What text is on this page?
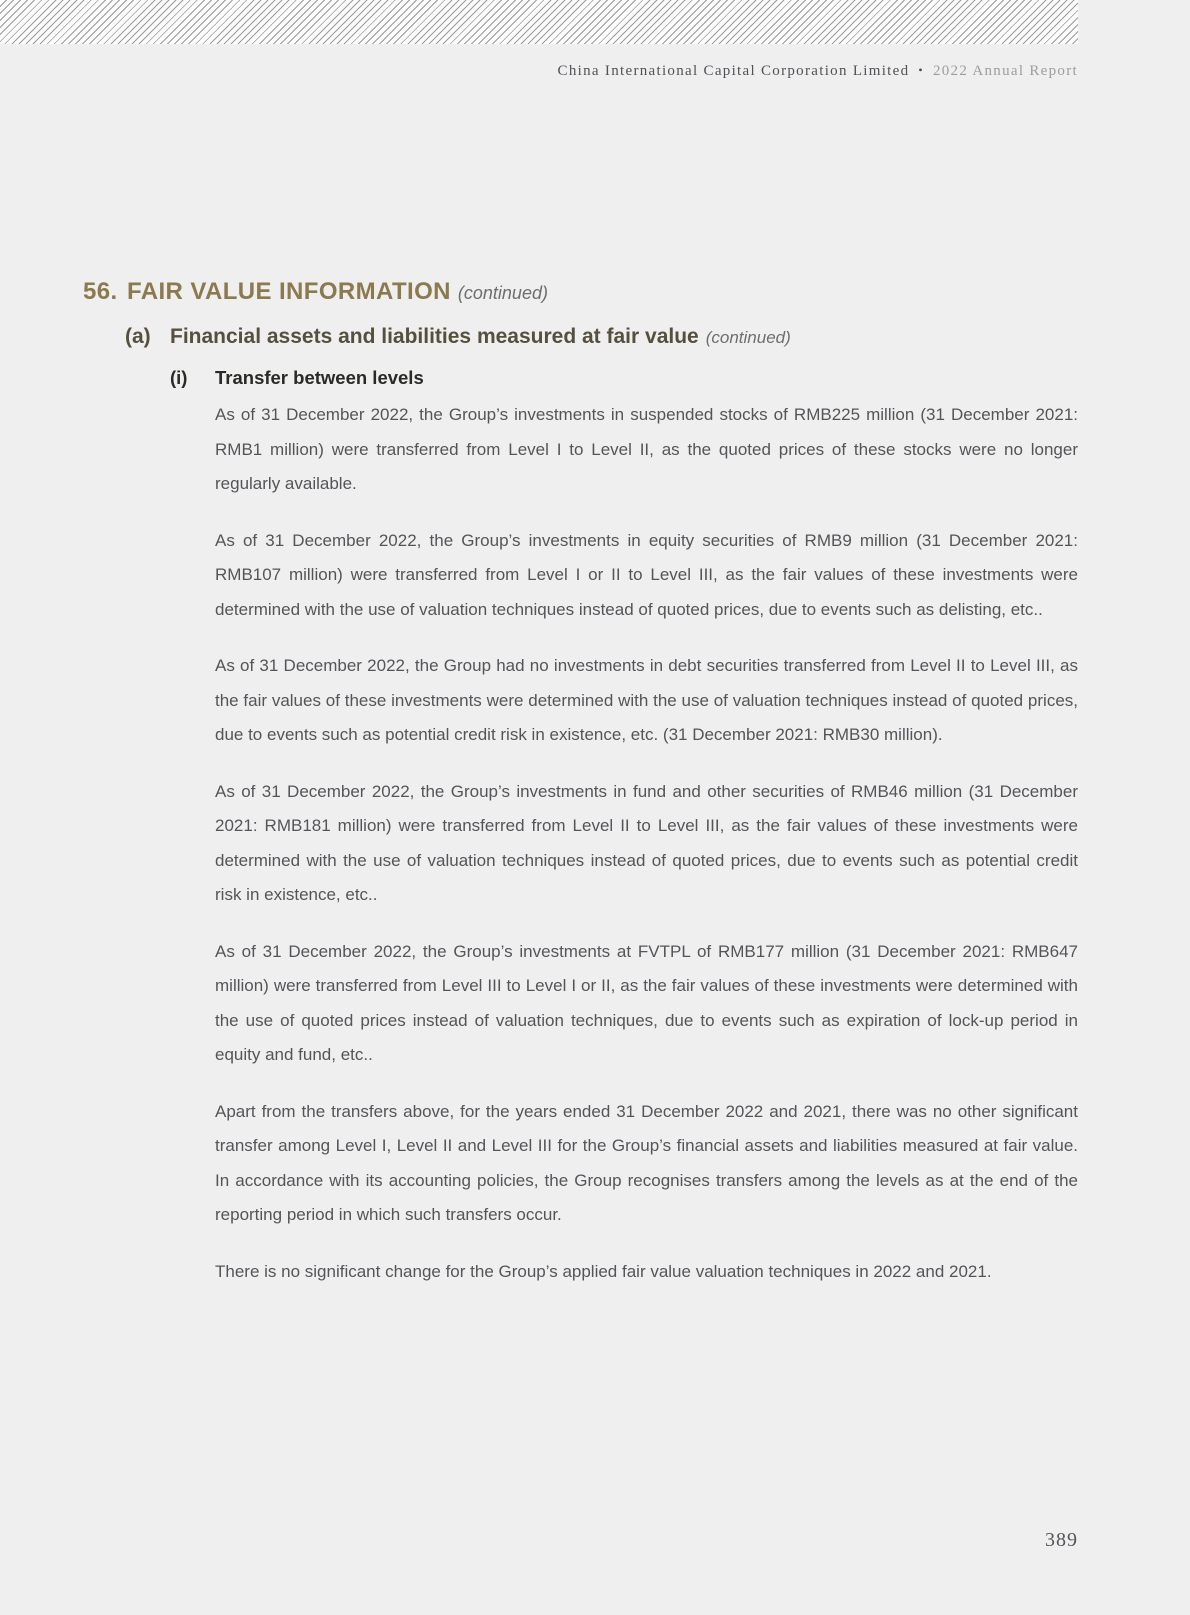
China International Capital Corporation Limited • 2022 Annual Report
56. FAIR VALUE INFORMATION (continued)
(a) Financial assets and liabilities measured at fair value (continued)
(i)	Transfer between levels

As of 31 December 2022, the Group’s investments in suspended stocks of RMB225 million (31 December 2021: RMB1 million) were transferred from Level I to Level II, as the quoted prices of these stocks were no longer regularly available.

As of 31 December 2022, the Group’s investments in equity securities of RMB9 million (31 December 2021: RMB107 million) were transferred from Level I or II to Level III, as the fair values of these investments were determined with the use of valuation techniques instead of quoted prices, due to events such as delisting, etc..

As of 31 December 2022, the Group had no investments in debt securities transferred from Level II to Level III, as the fair values of these investments were determined with the use of valuation techniques instead of quoted prices, due to events such as potential credit risk in existence, etc. (31 December 2021: RMB30 million).

As of 31 December 2022, the Group’s investments in fund and other securities of RMB46 million (31 December 2021: RMB181 million) were transferred from Level II to Level III, as the fair values of these investments were determined with the use of valuation techniques instead of quoted prices, due to events such as potential credit risk in existence, etc..

As of 31 December 2022, the Group’s investments at FVTPL of RMB177 million (31 December 2021: RMB647 million) were transferred from Level III to Level I or II, as the fair values of these investments were determined with the use of quoted prices instead of valuation techniques, due to events such as expiration of lock-up period in equity and fund, etc..

Apart from the transfers above, for the years ended 31 December 2022 and 2021, there was no other significant transfer among Level I, Level II and Level III for the Group’s financial assets and liabilities measured at fair value. In accordance with its accounting policies, the Group recognises transfers among the levels as at the end of the reporting period in which such transfers occur.

There is no significant change for the Group’s applied fair value valuation techniques in 2022 and 2021.

389
